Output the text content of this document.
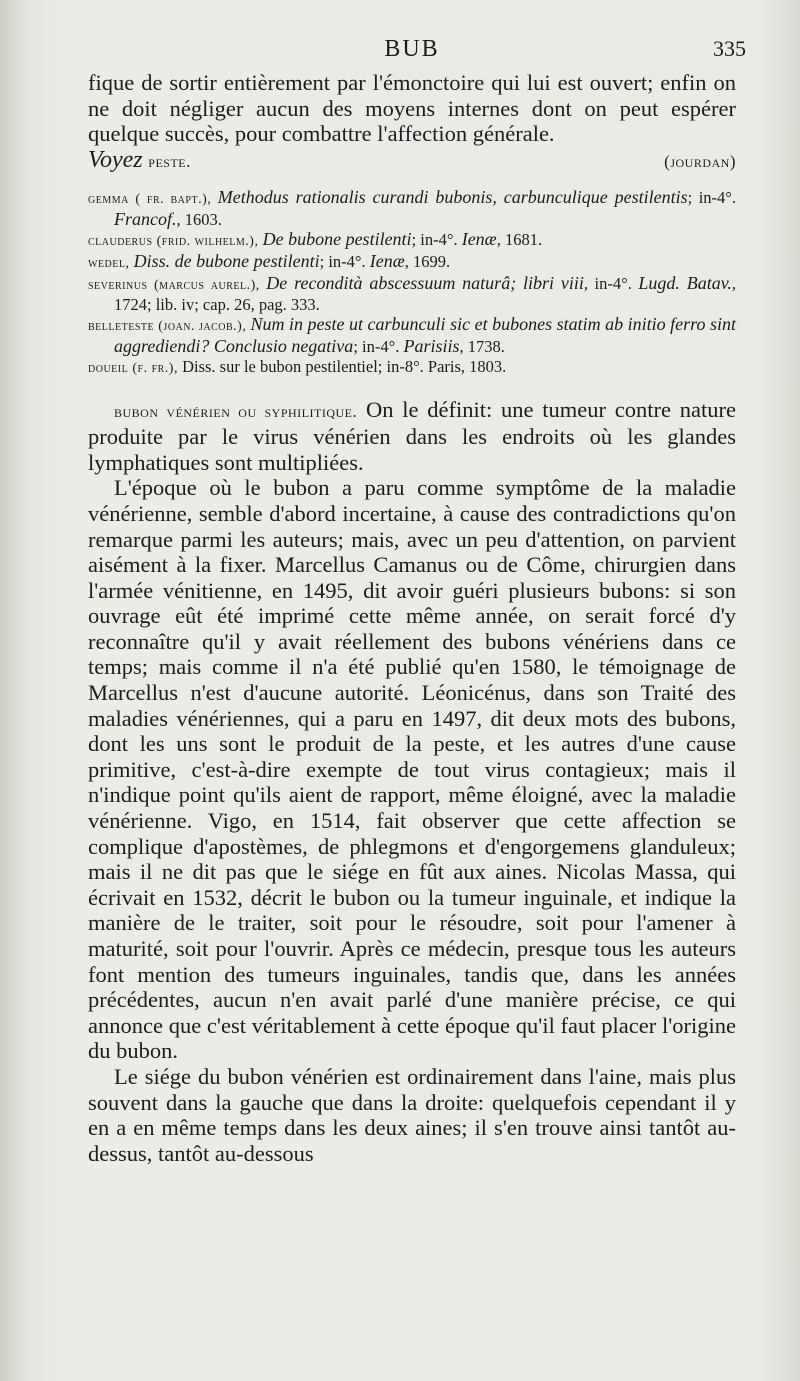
BUB	335

fique de sortir entièrement par l'émonctoire qui lui est ouvert; enfin on ne doit négliger aucun des moyens internes dont on peut espérer quelque succès, pour combattre l'affection générale.

Voyez peste.	(jourdan)

gemma ( fr. bapt.), Methodus rationalis curandi bubonis, carbunculique pestilentis; in-4°. Francof., 1603.

clauderus (frid. wilhelm.), De bubone pestilenti; in-4°. Ienæ, 1681.

wedel, Diss. de bubone pestilenti; in-4°. Ienæ, 1699.

severinus (marcus aurel.), De recondità abscessuum naturâ; libri viii, in-4°. Lugd. Batav., 1724; lib. iv; cap. 26, pag. 333.

belleteste (joan. jacob.), Num in peste ut carbunculi sic et bubones statim ab initio ferro sint aggrediendi? Conclusio negativa; in-4°. Parisiis, 1738.

doueil (f. fr.), Diss. sur le bubon pestilentiel; in-8°. Paris, 1803.

bubon vénérien ou syphilitique. On le définit: une tumeur contre nature produite par le virus vénérien dans les endroits où les glandes lymphatiques sont multipliées.

L'époque où le bubon a paru comme symptôme de la maladie vénérienne, semble d'abord incertaine, à cause des contradictions qu'on remarque parmi les auteurs; mais, avec un peu d'attention, on parvient aisément à la fixer. Marcellus Camanus ou de Côme, chirurgien dans l'armée vénitienne, en 1495, dit avoir guéri plusieurs bubons: si son ouvrage eût été imprimé cette même année, on serait forcé d'y reconnaître qu'il y avait réellement des bubons vénériens dans ce temps; mais comme il n'a été publié qu'en 1580, le témoignage de Marcellus n'est d'aucune autorité. Léonicénus, dans son Traité des maladies vénériennes, qui a paru en 1497, dit deux mots des bubons, dont les uns sont le produit de la peste, et les autres d'une cause primitive, c'est-à-dire exempte de tout virus contagieux; mais il n'indique point qu'ils aient de rapport, même éloigné, avec la maladie vénérienne. Vigo, en 1514, fait observer que cette affection se complique d'apostèmes, de phlegmons et d'engorgemens glanduleux; mais il ne dit pas que le siége en fût aux aines. Nicolas Massa, qui écrivait en 1532, décrit le bubon ou la tumeur inguinale, et indique la manière de le traiter, soit pour le résoudre, soit pour l'amener à maturité, soit pour l'ouvrir. Après ce médecin, presque tous les auteurs font mention des tumeurs inguinales, tandis que, dans les années précédentes, aucun n'en avait parlé d'une manière précise, ce qui annonce que c'est véritablement à cette époque qu'il faut placer l'origine du bubon.

Le siége du bubon vénérien est ordinairement dans l'aine, mais plus souvent dans la gauche que dans la droite: quelquefois cependant il y en a en même temps dans les deux aines; il s'en trouve ainsi tantôt au-dessus, tantôt au-dessous
